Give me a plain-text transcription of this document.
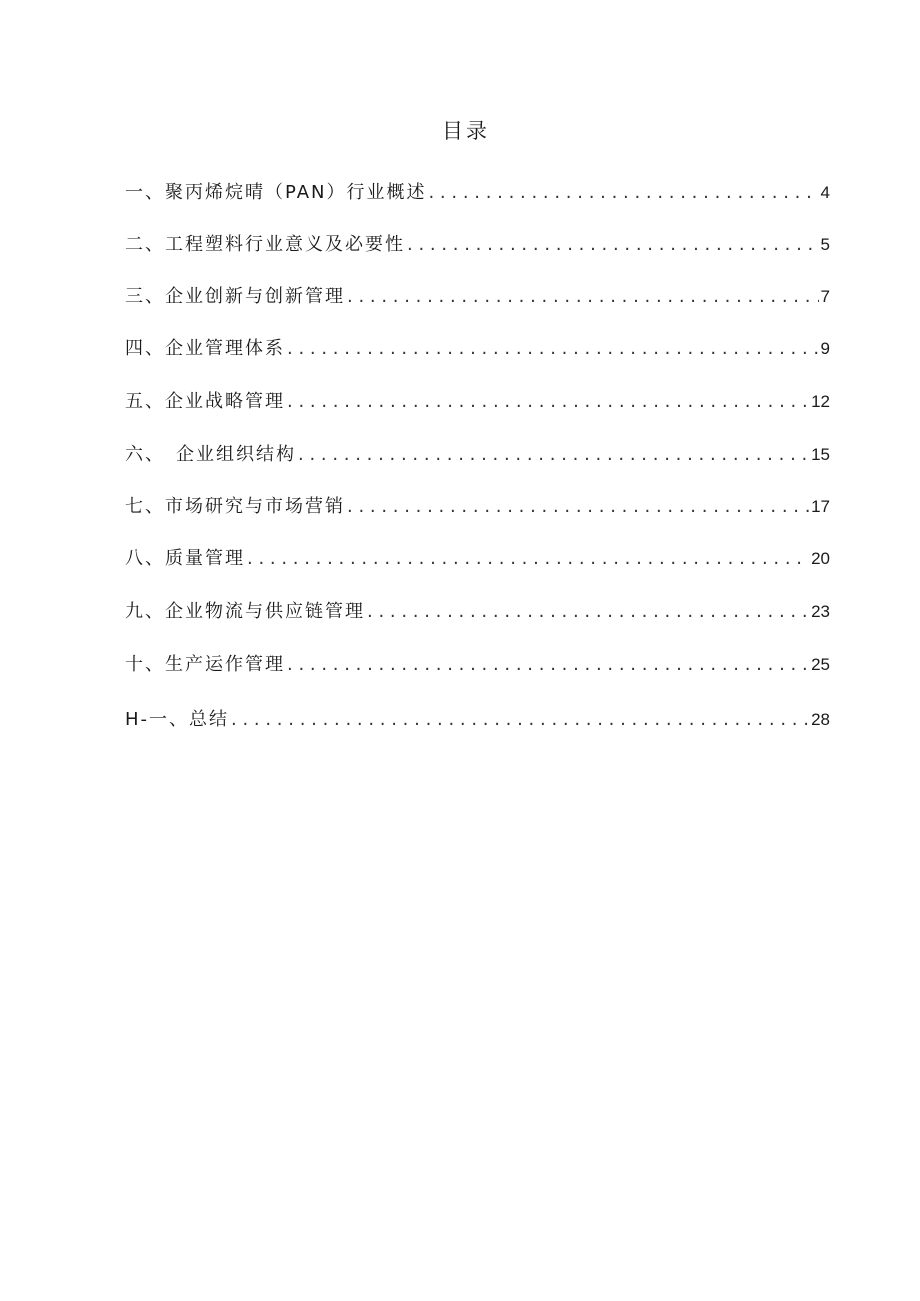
目录
一、聚丙烯烷晴（PAN）行业概述 . . .	4
二、工程塑料行业意义及必要性 . . .	5
三、企业创新与创新管理 . . .	7
四、企业管理体系 . . .	9
五、企业战略管理 . . .	12
六、　企业组织结构 . . .	15
七、市场研究与市场营销 . . .	17
八、质量管理 . . .	20
九、企业物流与供应链管理 . . .	23
十、生产运作管理 . . .	25
H-一、总结 . . .	28
